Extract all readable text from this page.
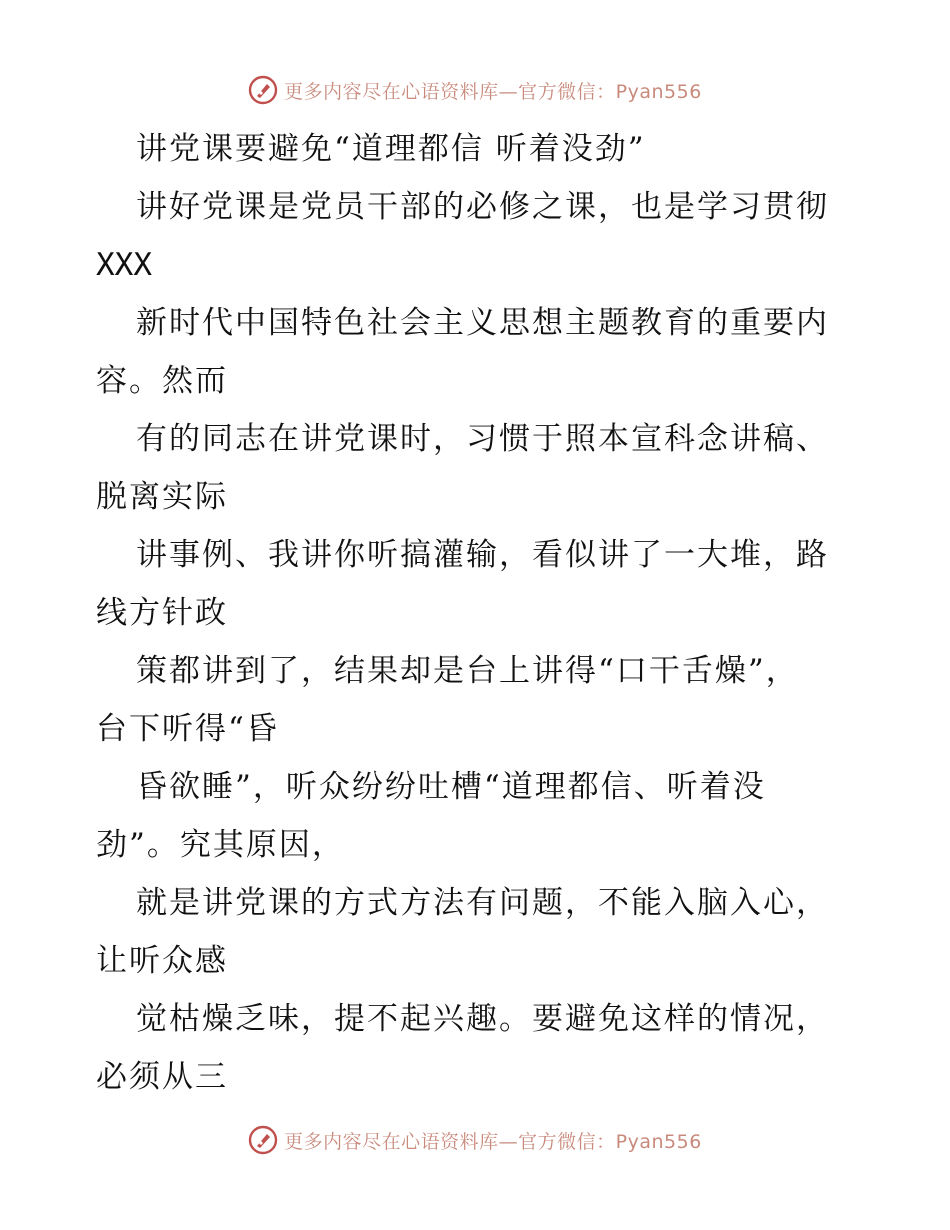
更多内容尽在心语资料库—官方微信：Pyan556
讲党课要避免“道理都信 听着没劲”
讲好党课是党员干部的必修之课，也是学习贯彻
XXX
新时代中国特色社会主义思想主题教育的重要内
容。然而
有的同志在讲党课时，习惯于照本宣科念讲稿、
脱离实际
讲事例、我讲你听搞灌输，看似讲了一大堆，路
线方针政
策都讲到了，结果却是台上讲得“口干舌燥”，
台下听得“昏
昏欲睡”，听众纷纷吐槽“道理都信、听着没
劲”。究其原因，
就是讲党课的方式方法有问题，不能入脑入心，
让听众感
觉枯燥乏味，提不起兴趣。要避免这样的情况，
必须从三
更多内容尽在心语资料库—官方微信：Pyan556
